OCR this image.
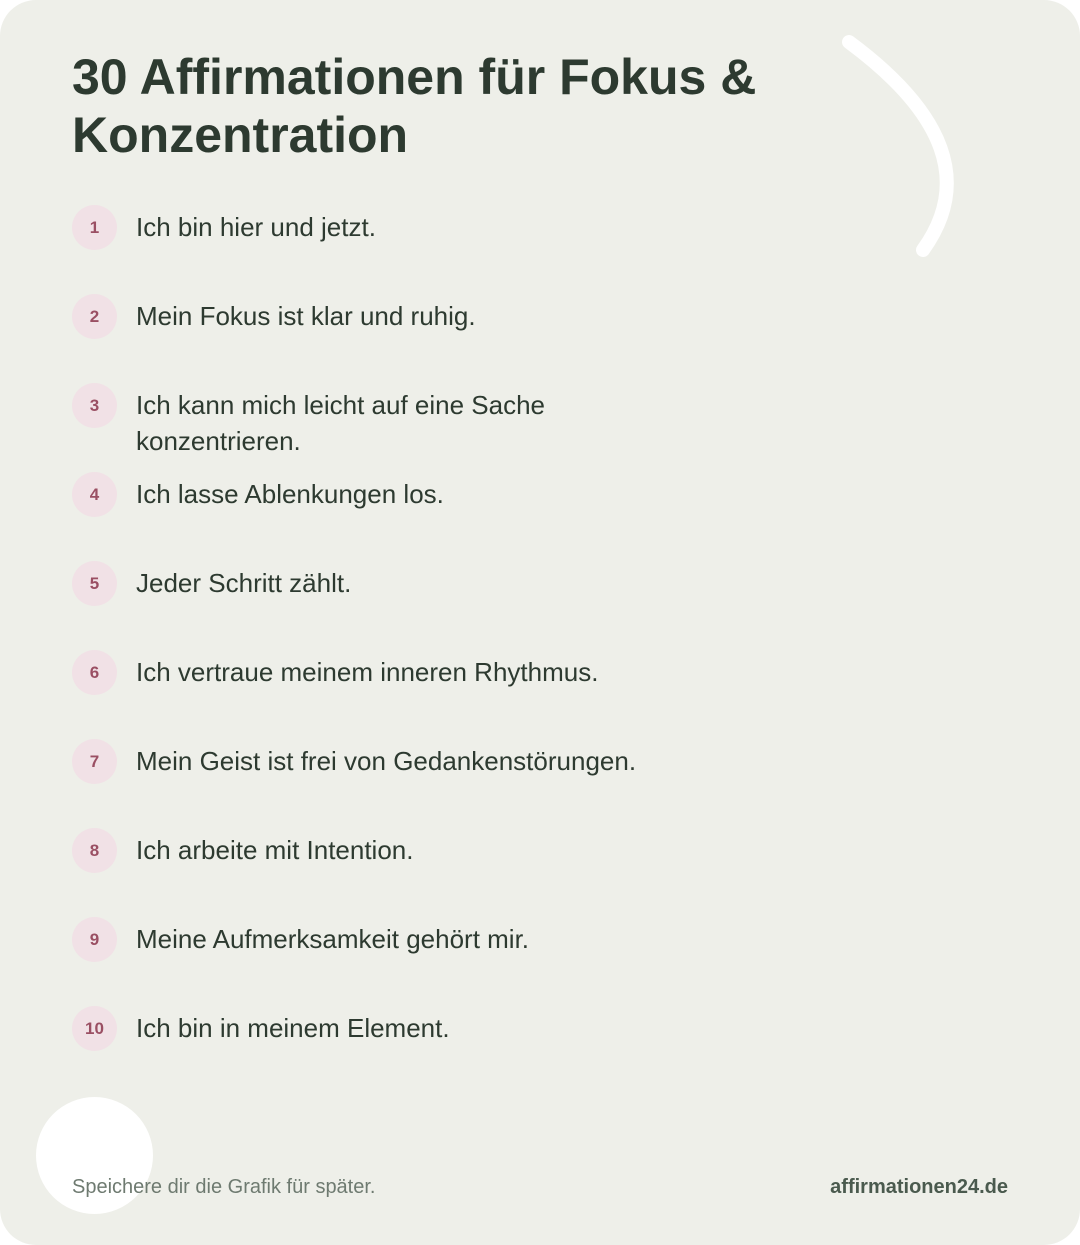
30 Affirmationen für Fokus & Konzentration
1	Ich bin hier und jetzt.
2	Mein Fokus ist klar und ruhig.
3	Ich kann mich leicht auf eine Sache konzentrieren.
4	Ich lasse Ablenkungen los.
5	Jeder Schritt zählt.
6	Ich vertraue meinem inneren Rhythmus.
7	Mein Geist ist frei von Gedankenstörungen.
8	Ich arbeite mit Intention.
9	Meine Aufmerksamkeit gehört mir.
10	Ich bin in meinem Element.
Speichere dir die Grafik für später.	affirmationen24.de
